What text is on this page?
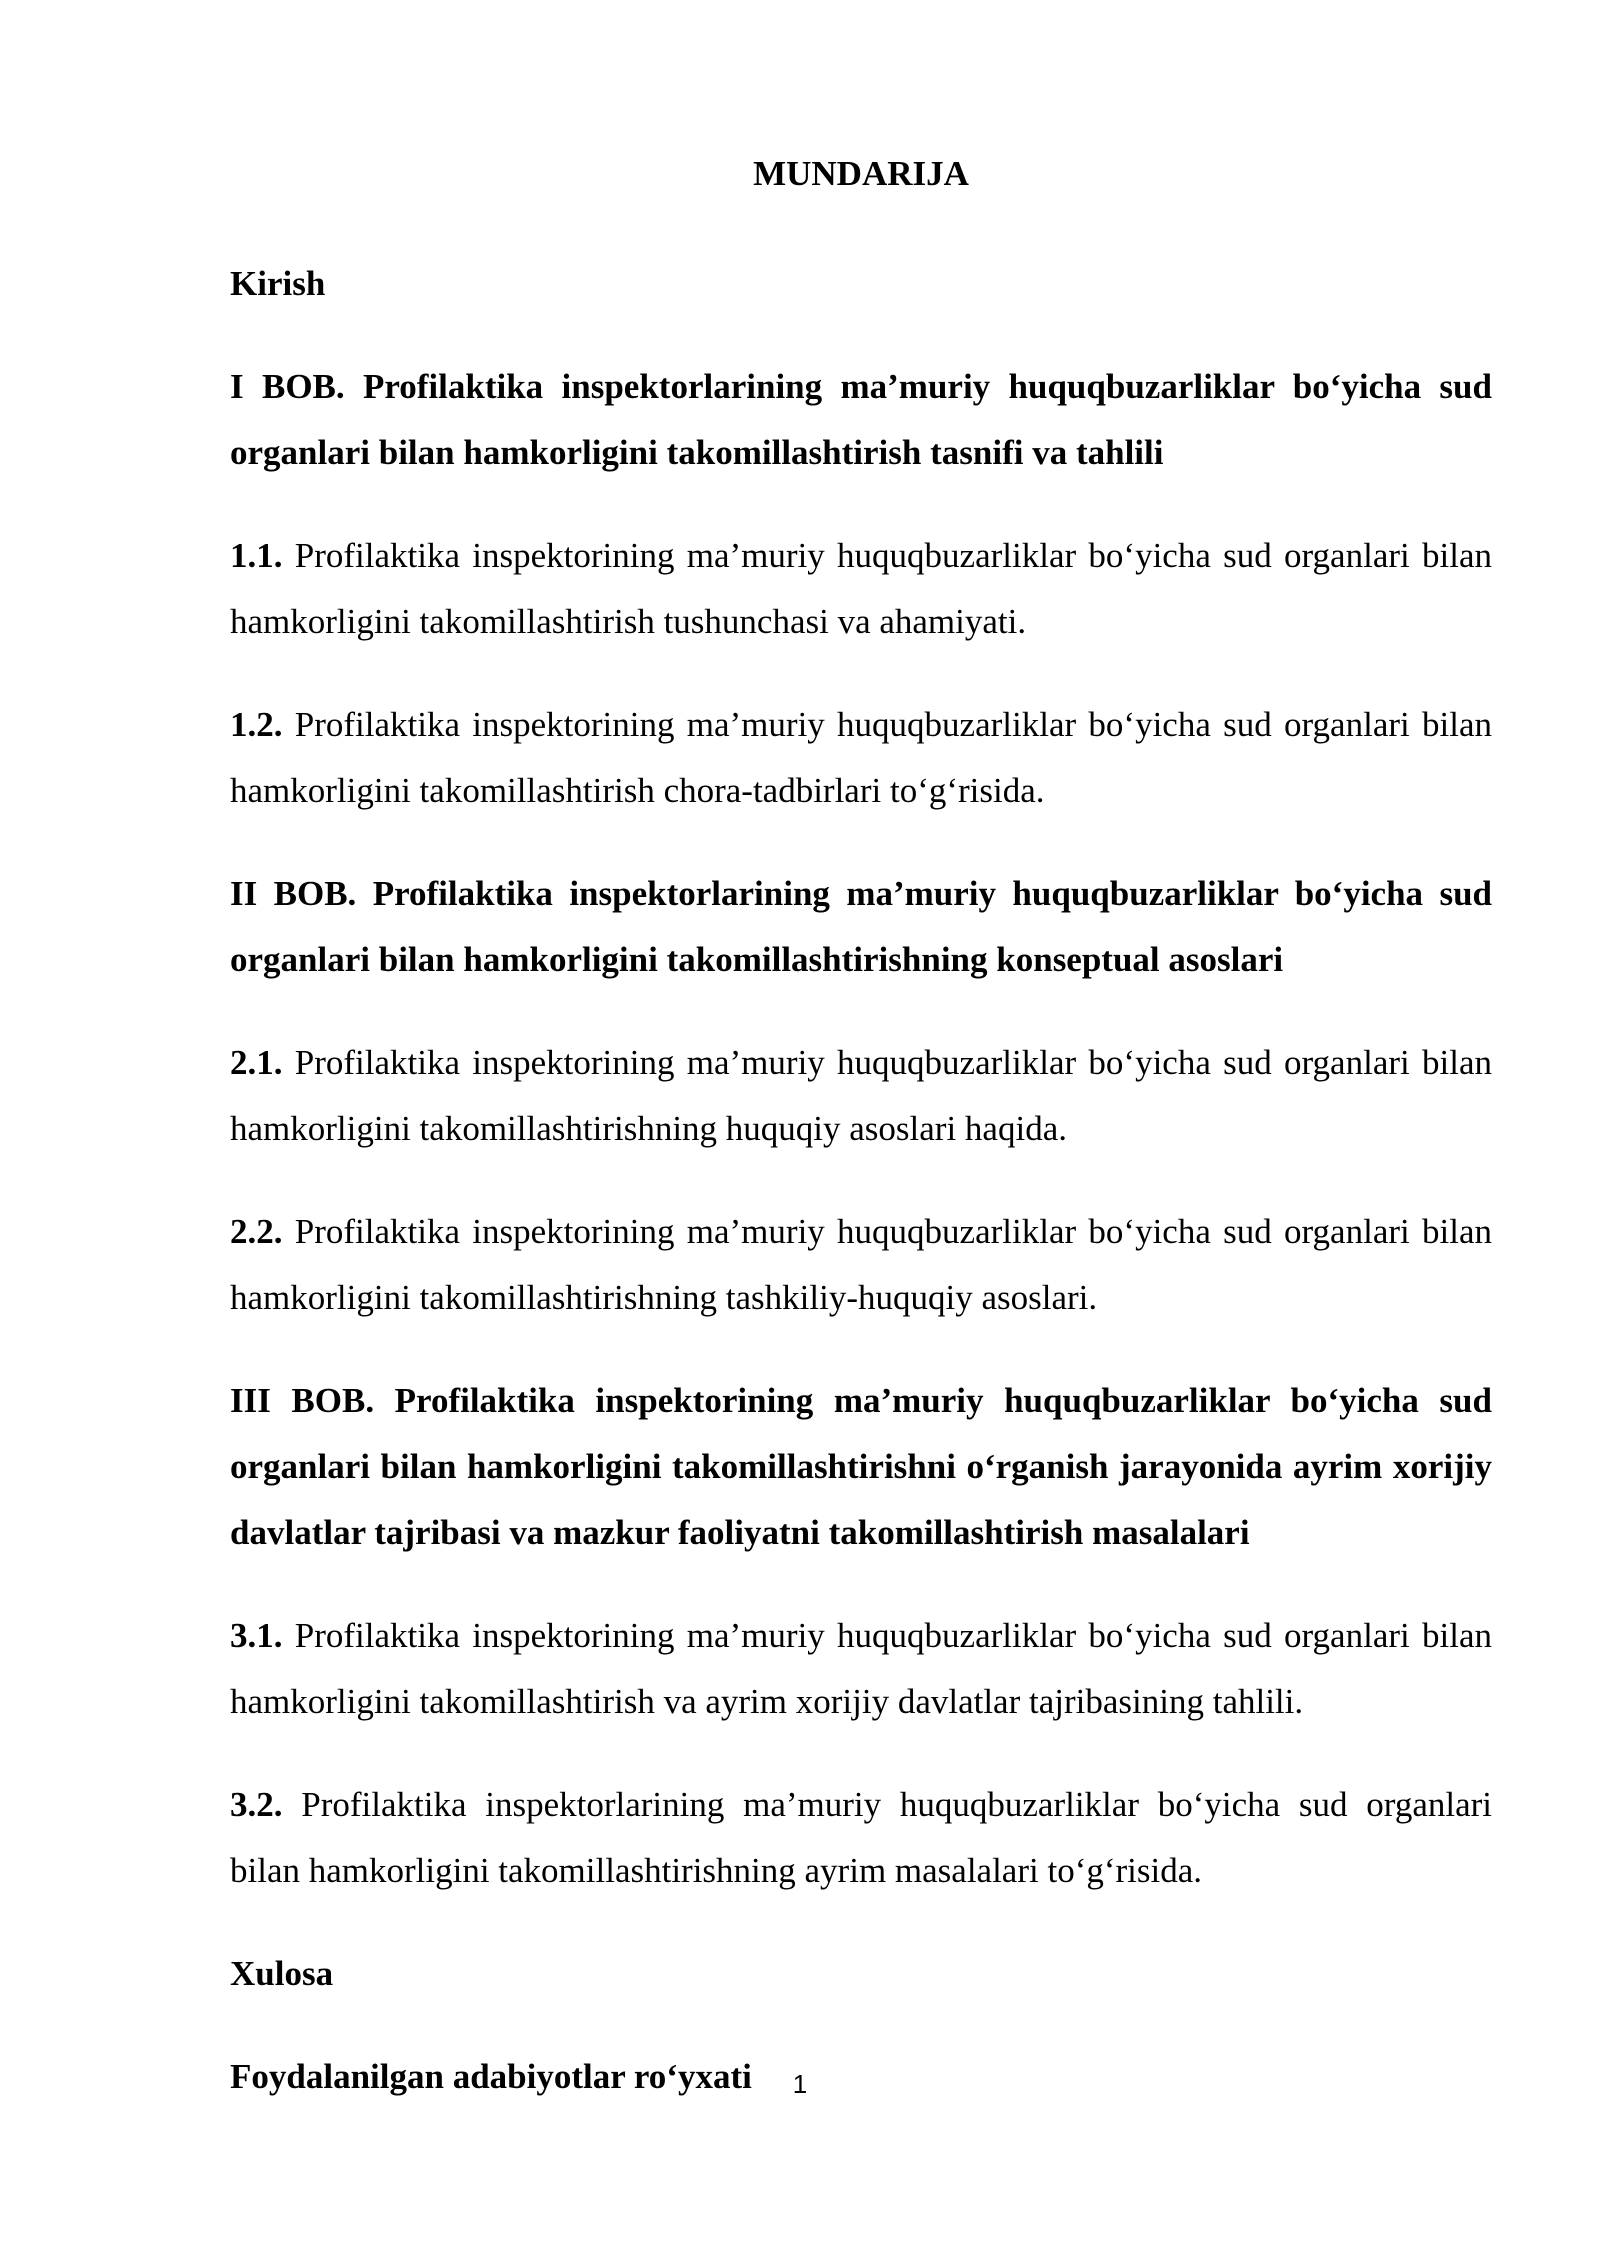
MUNDARIJA
Kirish
I BOB. Profilaktika inspektorlarining ma’muriy huquqbuzarliklar bo‘yicha sud organlari bilan hamkorligini takomillashtirish tasnifi va tahlili
1.1. Profilaktika inspektorining ma’muriy huquqbuzarliklar bo‘yicha sud organlari bilan hamkorligini takomillashtirish tushunchasi va ahamiyati.
1.2. Profilaktika inspektorining ma’muriy huquqbuzarliklar bo‘yicha sud organlari bilan hamkorligini takomillashtirish chora-tadbirlari to‘g‘risida.
II BOB. Profilaktika inspektorlarining ma’muriy huquqbuzarliklar bo‘yicha sud organlari bilan hamkorligini takomillashtirishning konseptual asoslari
2.1. Profilaktika inspektorining ma’muriy huquqbuzarliklar bo‘yicha sud organlari bilan hamkorligini takomillashtirishning huquqiy asoslari haqida.
2.2. Profilaktika inspektorining ma’muriy huquqbuzarliklar bo‘yicha sud organlari bilan hamkorligini takomillashtirishning tashkiliy-huquqiy asoslari.
III BOB. Profilaktika inspektorining ma’muriy huquqbuzarliklar bo‘yicha sud organlari bilan hamkorligini takomillashtirishni o‘rganish jarayonida ayrim xorijiy davlatlar tajribasi va mazkur faoliyatni takomillashtirish masalalari
3.1. Profilaktika inspektorining ma’muriy huquqbuzarliklar bo‘yicha sud organlari bilan hamkorligini takomillashtirish va ayrim xorijiy davlatlar tajribasining tahlili.
3.2. Profilaktika inspektorlarining ma’muriy huquqbuzarliklar bo‘yicha sud organlari bilan hamkorligini takomillashtirishning ayrim masalalari to‘g‘risida.
Xulosa
Foydalanilgan adabiyotlar ro‘yxati	1
